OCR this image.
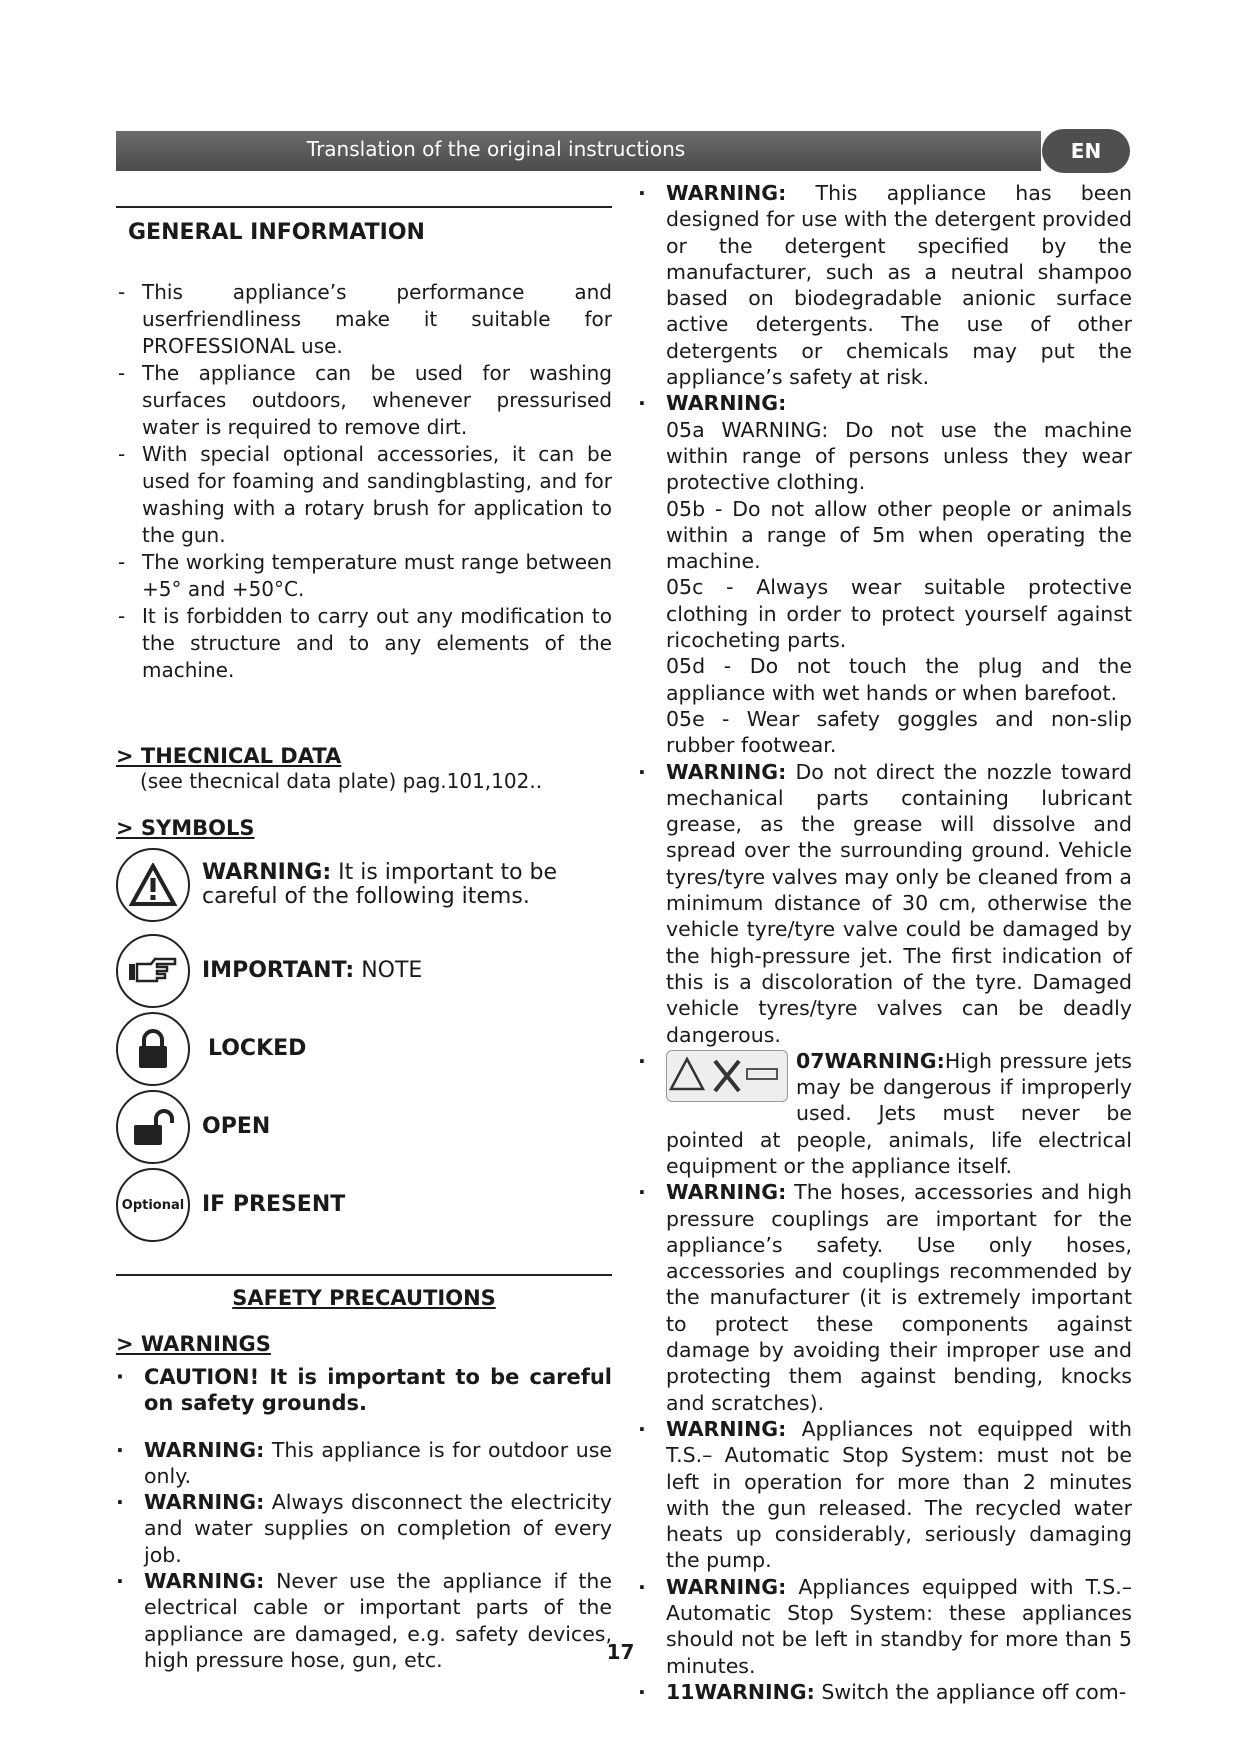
Translation of the original instructions	EN
GENERAL INFORMATION
- This appliance’s performance and userfriendliness make it suitable for PROFESSIONAL use.
- The appliance can be used for washing surfaces outdoors, whenever pressurised water is required to remove dirt.
- With special optional accessories, it can be used for foaming and sandingblasting, and for washing with a rotary brush for application to the gun.
- The working temperature must range between +5° and +50°C.
- It is forbidden to carry out any modification to the structure and to any elements of the machine.
> THECNICAL DATA
(see thecnical data plate) pag.101,102..
> SYMBOLS
WARNING: It is important to be careful of the following items.
IMPORTANT: NOTE
LOCKED
OPEN
Optional IF PRESENT
SAFETY PRECAUTIONS
> WARNINGS
· CAUTION! It is important to be careful on safety grounds.
· WARNING: This appliance is for outdoor use only.
· WARNING: Always disconnect the electricity and water supplies on completion of every job.
· WARNING: Never use the appliance if the electrical cable or important parts of the appliance are damaged, e.g. safety devices, high pressure hose, gun, etc.
· WARNING: This appliance has been designed for use with the detergent provided or the detergent specified by the manufacturer, such as a neutral shampoo based on biodegradable anionic surface active detergents. The use of other detergents or chemicals may put the appliance’s safety at risk.
· WARNING:
05a WARNING: Do not use the machine within range of persons unless they wear protective clothing.
05b - Do not allow other people or animals within a range of 5m when operating the machine.
05c - Always wear suitable protective clothing in order to protect yourself against ricocheting parts.
05d - Do not touch the plug and the appliance with wet hands or when barefoot.
05e - Wear safety goggles and non-slip rubber footwear.
· WARNING: Do not direct the nozzle toward mechanical parts containing lubricant grease, as the grease will dissolve and spread over the surrounding ground. Vehicle tyres/tyre valves may only be cleaned from a minimum distance of 30 cm, otherwise the vehicle tyre/tyre valve could be damaged by the high-pressure jet. The first indication of this is a discoloration of the tyre. Damaged vehicle tyres/tyre valves can be deadly dangerous.
· 07WARNING:High pressure jets may be dangerous if improperly used. Jets must never be pointed at people, animals, life electrical equipment or the appliance itself.
· WARNING: The hoses, accessories and high pressure couplings are important for the appliance’s safety. Use only hoses, accessories and couplings recommended by the manufacturer (it is extremely important to protect these components against damage by avoiding their improper use and protecting them against bending, knocks and scratches).
· WARNING: Appliances not equipped with T.S.– Automatic Stop System: must not be left in operation for more than 2 minutes with the gun released. The recycled water heats up considerably, seriously damaging the pump.
· WARNING: Appliances equipped with T.S.– Automatic Stop System: these appliances should not be left in standby for more than 5 minutes.
· 11WARNING: Switch the appliance off com-
17
